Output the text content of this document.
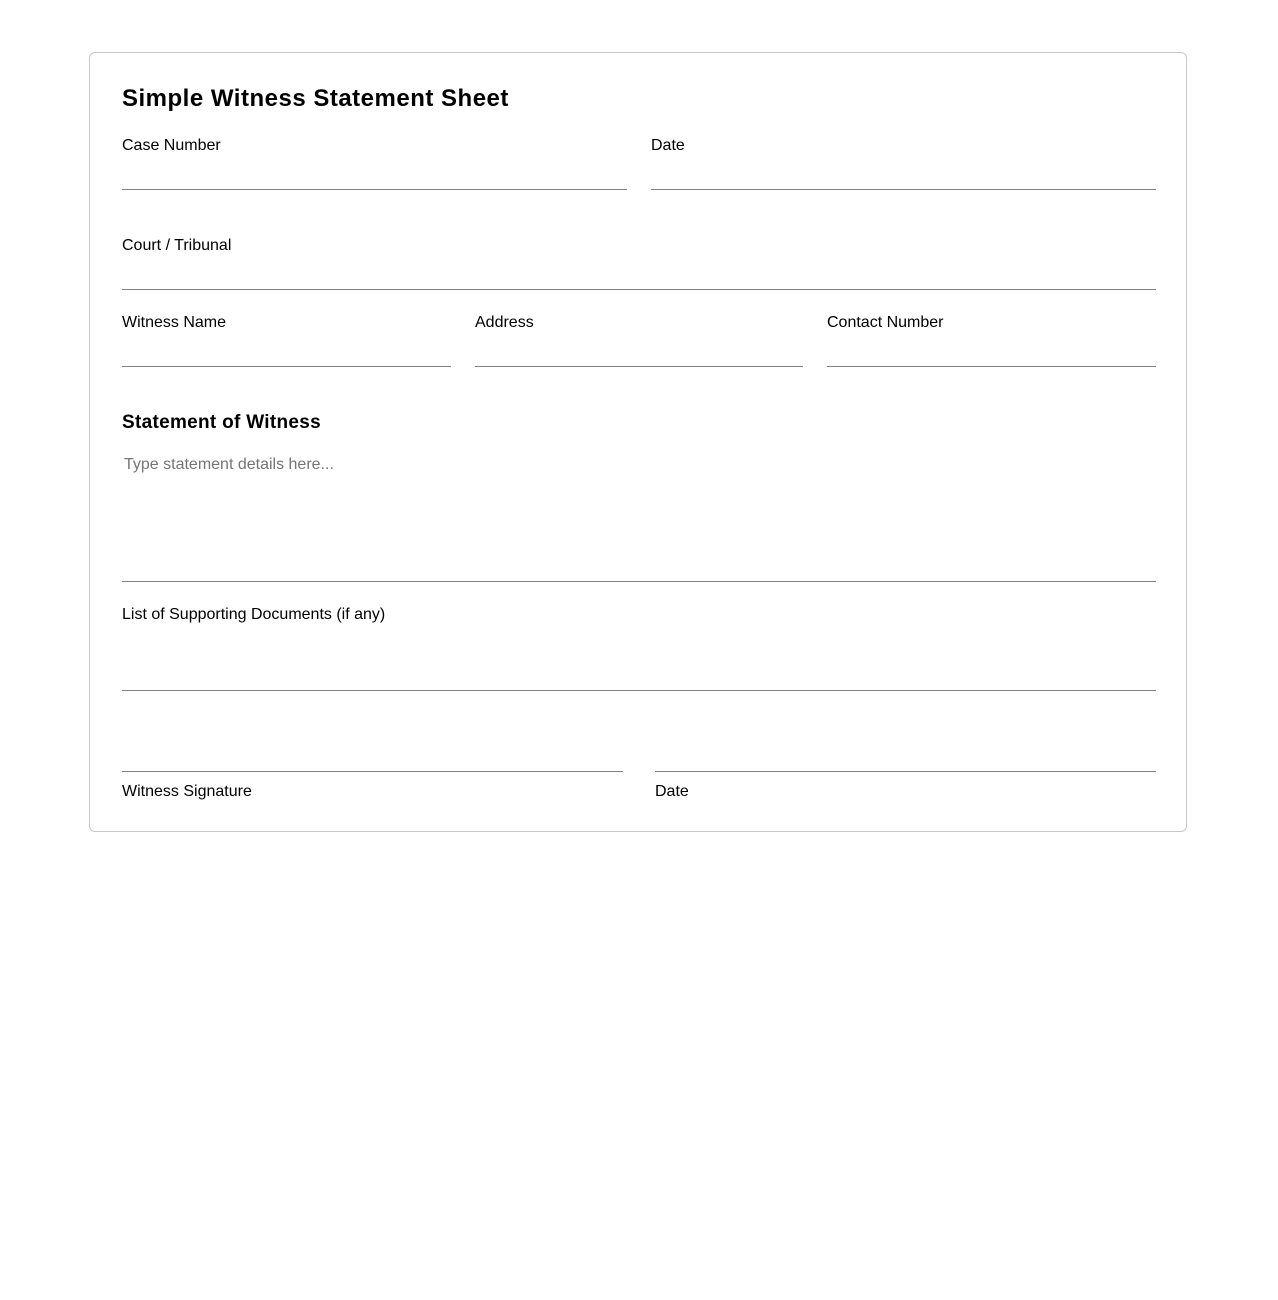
Simple Witness Statement Sheet
Case Number	Date
Court / Tribunal
Witness Name	Address	Contact Number
Statement of Witness
Type statement details here...
List of Supporting Documents (if any)
Witness Signature	Date
